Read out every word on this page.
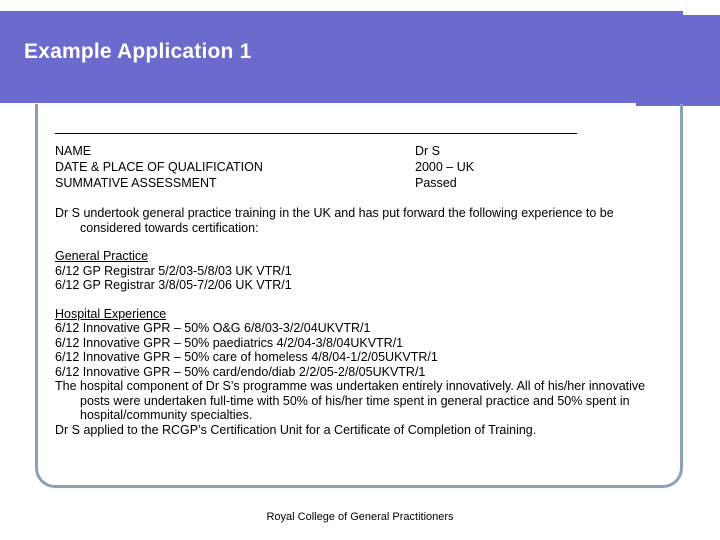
Example Application 1
NAME	Dr S
DATE & PLACE OF QUALIFICATION	2000 – UK
SUMMATIVE ASSESSMENT	Passed
Dr S undertook general practice training in the UK and has put forward the following experience to be considered towards certification:
General Practice
6/12 GP Registrar 5/2/03-5/8/03 UK VTR/1
6/12 GP Registrar 3/8/05-7/2/06 UK VTR/1
Hospital Experience
6/12 Innovative GPR – 50% O&G 6/8/03-3/2/04UKVTR/1
6/12 Innovative GPR – 50% paediatrics 4/2/04-3/8/04UKVTR/1
6/12 Innovative GPR – 50% care of homeless 4/8/04-1/2/05UKVTR/1
6/12 Innovative GPR – 50% card/endo/diab 2/2/05-2/8/05UKVTR/1
The hospital component of Dr S’s programme was undertaken entirely innovatively. All of his/her innovative posts were undertaken full-time with 50% of his/her time spent in general practice and 50% spent in hospital/community specialties.
Dr S applied to the RCGP’s Certification Unit for a Certificate of Completion of Training.
Royal College of General Practitioners
